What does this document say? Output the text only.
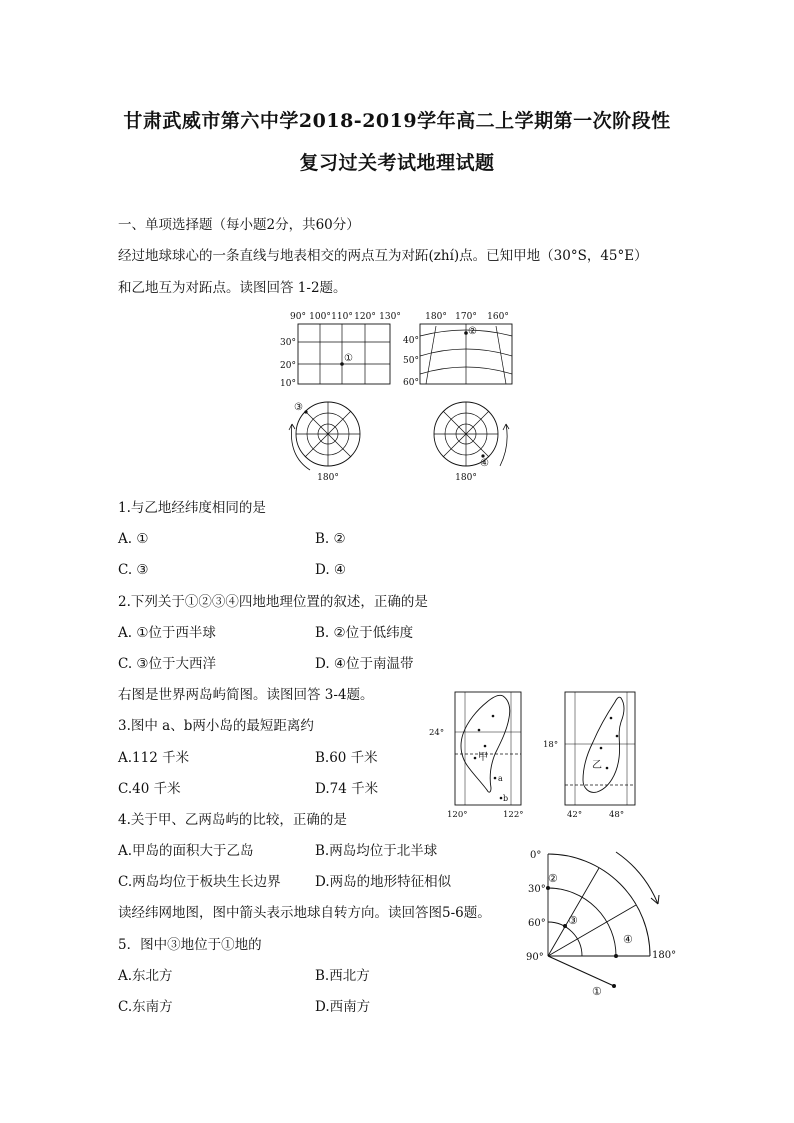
甘肃武威市第六中学2018-2019学年高二上学期第一次阶段性
复习过关考试地理试题
一、单项选择题（每小题2分，共60分）
经过地球球心的一条直线与地表相交的两点互为对跖(zhí)点。已知甲地（30°S，45°E）
和乙地互为对跖点。读图回答 1-2题。
90° 100° 110° 120° 130°
30°
20°
10°
①
180° 170° 160°
40°
50°
60°
②
③
180°
④
180°
1.与乙地经纬度相同的是
A. ①	B. ②
C. ③	D. ④
2.下列关于①②③④四地地理位置的叙述，正确的是
A. ①位于西半球	B. ②位于低纬度
C. ③位于大西洋	D. ④位于南温带
右图是世界两岛屿简图。读图回答 3-4题。
3.图中 a、b两小岛的最短距离约
A.112 千米	B.60 千米
C.40 千米	D.74 千米
甲
a
b
24°
120°	122°
乙
18°
42°	48°
4.关于甲、乙两岛屿的比较，正确的是
A.甲岛的面积大于乙岛	B.两岛均位于北半球
C.两岛均位于板块生长边界	D.两岛的地形特征相似
读经纬网地图，图中箭头表示地球自转方向。读回答图5-6题。
5．图中③地位于①地的
A.东北方	B.西北方
C.东南方	D.西南方
0°
30°
60°
90°	180°
①
②
③
④
